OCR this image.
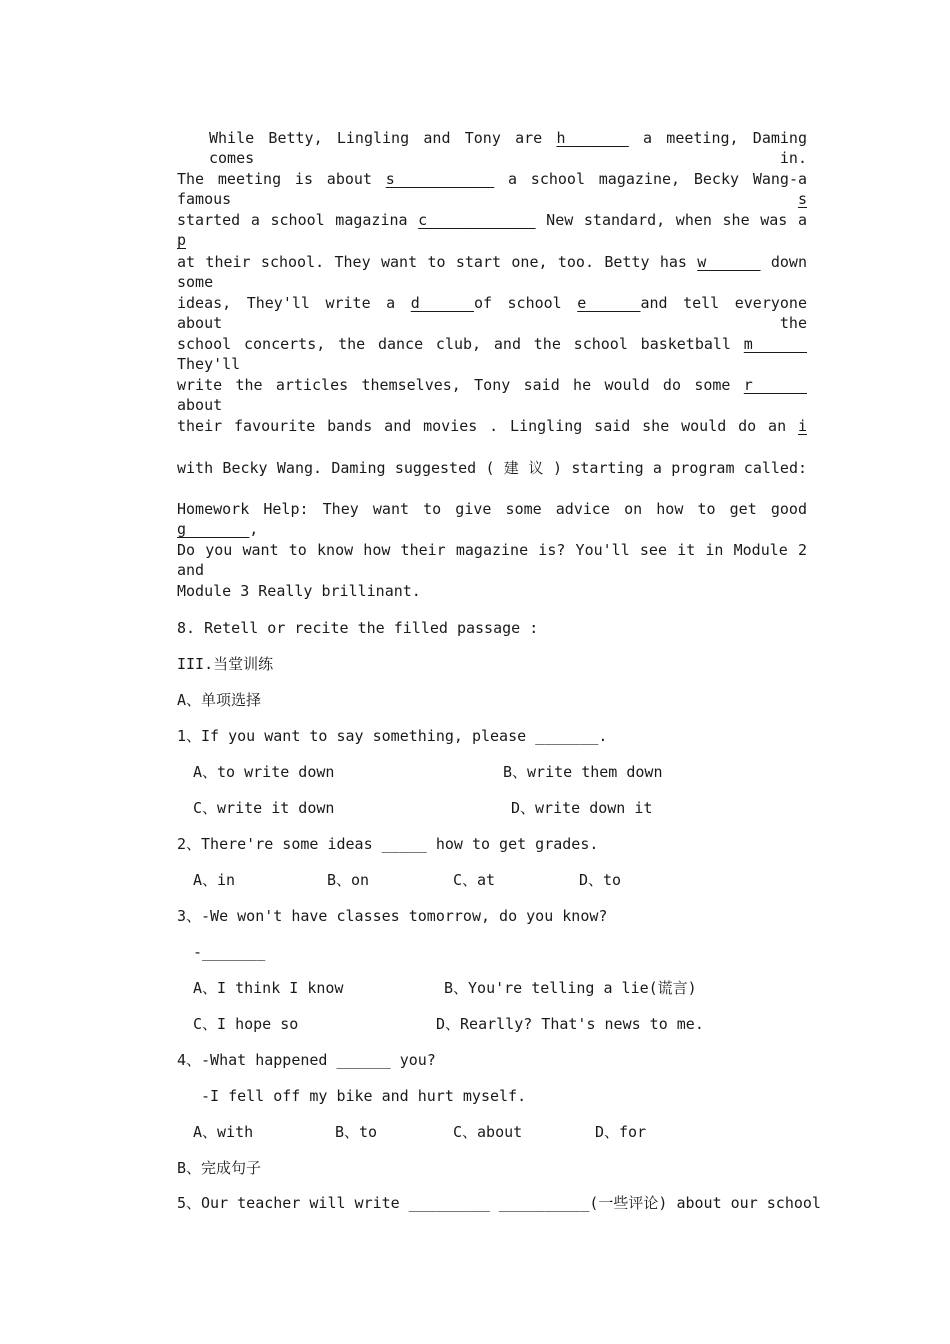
While Betty, Lingling and Tony are h_______ a meeting, Daming comes in.
The meeting is about s___________ a school magazine, Becky Wang-a famous s
started a school magazina c____________ New standard, when she was a p
at their school. They want to start one, too. Betty has w______ down some
ideas, They'll write a d______of school e______and tell everyone about the
school concerts, the dance club, and the school basketball m______ They'll
write the articles themselves, Tony said he would do some r______ about
their favourite bands and movies . Lingling said she would do an i
with Becky Wang. Daming suggested ( 建 议 ) starting a program called:
Homework Help: They want to give some advice on how to get good g_______,
Do you want to know how their magazine is? You'll see it in Module 2 and
Module 3 Really brillinant.
8. Retell or recite the filled passage :
III.当堂训练
A、单项选择
1、If you want to say something, please _______.
A、to write down	B、write them down
C、write it down	D、write down it
2、There're some ideas _____ how to get grades.
A、in	B、on	C、at	D、to
3、-We won't have classes tomorrow, do you know?
-_______
A、I think I know	B、You're telling a lie(谎言)
C、I hope so	D、Rearlly? That's news to me.
4、-What happened ______ you?
-I fell off my bike and hurt myself.
A、with	B、to	C、about	D、for
B、完成句子
5、Our teacher will write _________ __________(一些评论) about our school
